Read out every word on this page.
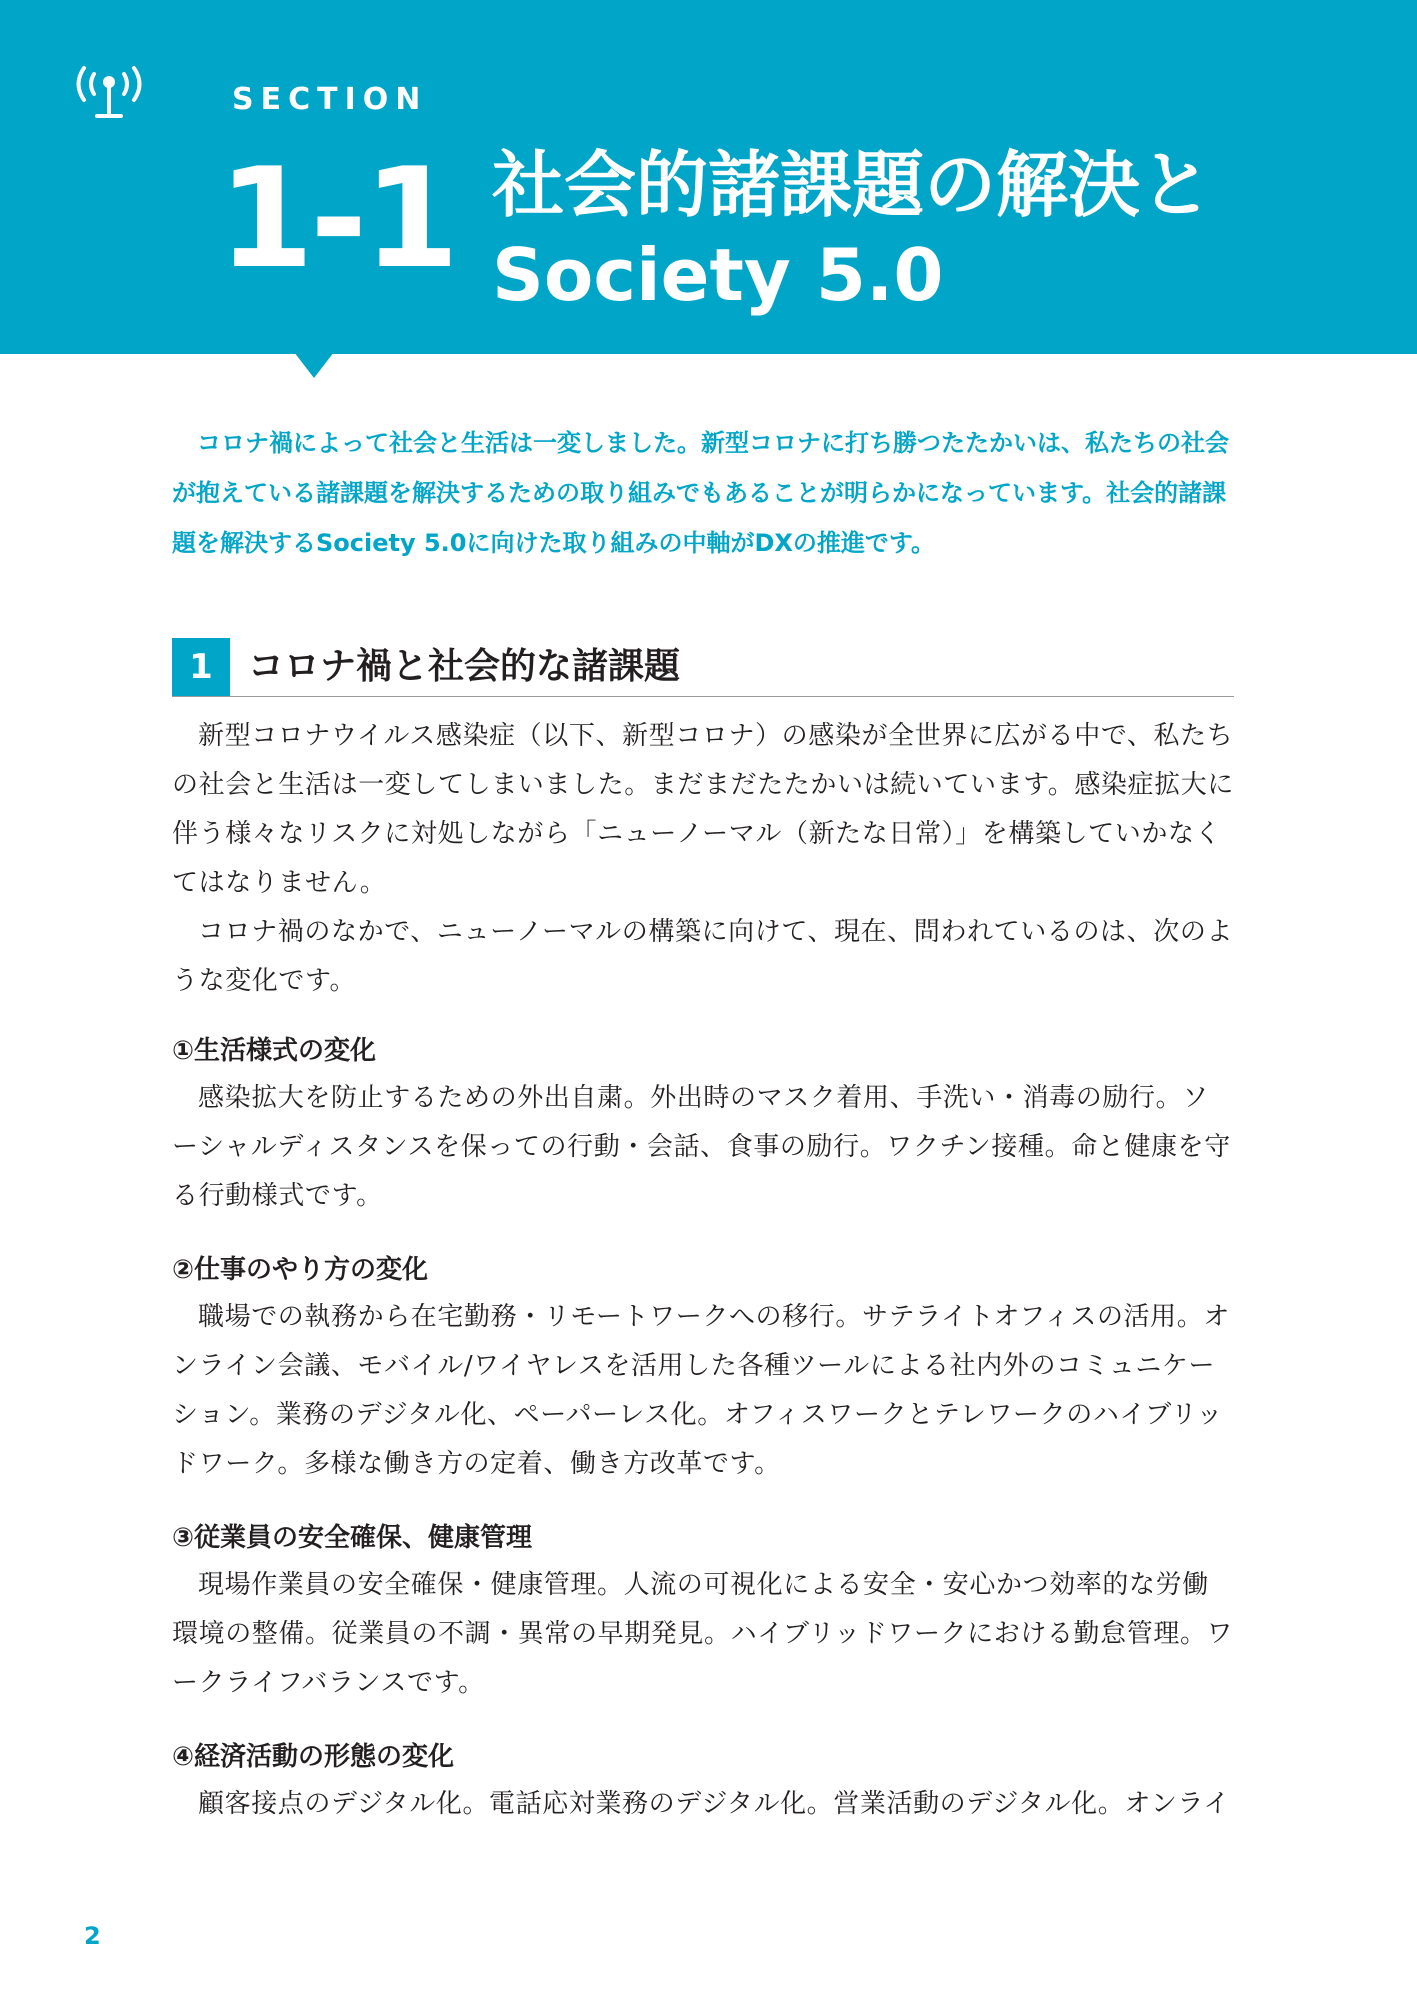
SECTION
1-1 社会的諸課題の解決と
Society 5.0

コロナ禍によって社会と生活は一変しました。新型コロナに打ち勝つたたかいは、私たちの社会が抱えている諸課題を解決するための取り組みでもあることが明らかになっています。社会的諸課題を解決するSociety 5.0に向けた取り組みの中軸がDXの推進です。

1 コロナ禍と社会的な諸課題

新型コロナウイルス感染症（以下、新型コロナ）の感染が全世界に広がる中で、私たちの社会と生活は一変してしまいました。まだまだたたかいは続いています。感染症拡大に伴う様々なリスクに対処しながら「ニューノーマル（新たな日常）」を構築していかなくてはなりません。

コロナ禍のなかで、ニューノーマルの構築に向けて、現在、問われているのは、次のような変化です。

①生活様式の変化

感染拡大を防止するための外出自粛。外出時のマスク着用、手洗い・消毒の励行。ソーシャルディスタンスを保っての行動・会話、食事の励行。ワクチン接種。命と健康を守る行動様式です。

②仕事のやり方の変化

職場での執務から在宅勤務・リモートワークへの移行。サテライトオフィスの活用。オンライン会議、モバイル/ワイヤレスを活用した各種ツールによる社内外のコミュニケーション。業務のデジタル化、ペーパーレス化。オフィスワークとテレワークのハイブリッドワーク。多様な働き方の定着、働き方改革です。

③従業員の安全確保、健康管理

現場作業員の安全確保・健康管理。人流の可視化による安全・安心かつ効率的な労働環境の整備。従業員の不調・異常の早期発見。ハイブリッドワークにおける勤怠管理。ワークライフバランスです。

④経済活動の形態の変化

顧客接点のデジタル化。電話応対業務のデジタル化。営業活動のデジタル化。オンライ

2
